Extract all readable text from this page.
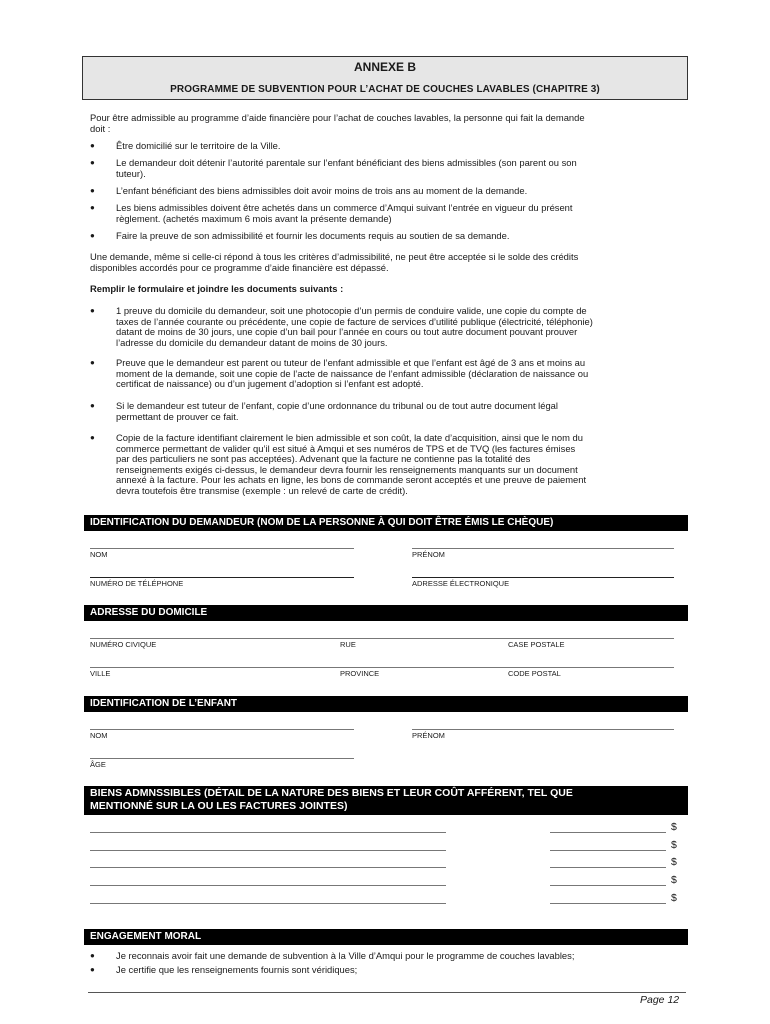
ANNEXE B
PROGRAMME DE SUBVENTION POUR L’ACHAT DE COUCHES LAVABLES (CHAPITRE 3)
Pour être admissible au programme d’aide financière pour l’achat de couches lavables, la personne qui fait la demande
doit :
● Être domicilié sur le territoire de la Ville.
● Le demandeur doit détenir l’autorité parentale sur l’enfant bénéficiant des biens admissibles (son parent ou son
tuteur).
● L’enfant bénéficiant des biens admissibles doit avoir moins de trois ans au moment de la demande.
● Les biens admissibles doivent être achetés dans un commerce d’Amqui suivant l’entrée en vigueur du présent
règlement. (achetés maximum 6 mois avant la présente demande)
● Faire la preuve de son admissibilité et fournir les documents requis au soutien de sa demande.
Une demande, même si celle-ci répond à tous les critères d’admissibilité, ne peut être acceptée si le solde des crédits
disponibles accordés pour ce programme d’aide financière est dépassé.
Remplir le formulaire et joindre les documents suivants :
● 1 preuve du domicile du demandeur, soit une photocopie d’un permis de conduire valide, une copie du compte de
taxes de l’année courante ou précédente, une copie de facture de services d’utilité publique (électricité, téléphonie)
datant de moins de 30 jours, une copie d’un bail pour l’année en cours ou tout autre document pouvant prouver
l’adresse du domicile du demandeur datant de moins de 30 jours.
● Preuve que le demandeur est parent ou tuteur de l’enfant admissible et que l’enfant est âgé de 3 ans et moins au
moment de la demande, soit une copie de l’acte de naissance de l’enfant admissible (déclaration de naissance ou
certificat de naissance) ou d’un jugement d’adoption si l’enfant est adopté.
● Si le demandeur est tuteur de l’enfant, copie d’une ordonnance du tribunal ou de tout autre document légal
permettant de prouver ce fait.
● Copie de la facture identifiant clairement le bien admissible et son coût, la date d’acquisition, ainsi que le nom du
commerce permettant de valider qu’il est situé à Amqui et ses numéros de TPS et de TVQ (les factures émises
par des particuliers ne sont pas acceptées). Advenant que la facture ne contienne pas la totalité des
renseignements exigés ci-dessus, le demandeur devra fournir les renseignements manquants sur un document
annexé à la facture. Pour les achats en ligne, les bons de commande seront acceptés et une preuve de paiement
devra toutefois être transmise (exemple : un relevé de carte de crédit).
IDENTIFICATION DU DEMANDEUR (NOM DE LA PERSONNE À QUI DOIT ÊTRE ÉMIS LE CHÈQUE)
NOM	PRÉNOM
NUMÉRO DE TÉLÉPHONE	ADRESSE ÉLECTRONIQUE
ADRESSE DU DOMICILE
NUMÉRO CIVIQUE	RUE	CASE POSTALE
VILLE	PROVINCE	CODE POSTAL
IDENTIFICATION DE L’ENFANT
NOM	PRÉNOM
ÂGE
BIENS ADMNSSIBLES (DÉTAIL DE LA NATURE DES BIENS ET LEUR COÛT AFFÉRENT, TEL QUE
MENTIONNÉ SUR LA OU LES FACTURES JOINTES)
$
$
$
$
$
ENGAGEMENT MORAL
● Je reconnais avoir fait une demande de subvention à la Ville d’Amqui pour le programme de couches lavables;
● Je certifie que les renseignements fournis sont véridiques;
Page 12
